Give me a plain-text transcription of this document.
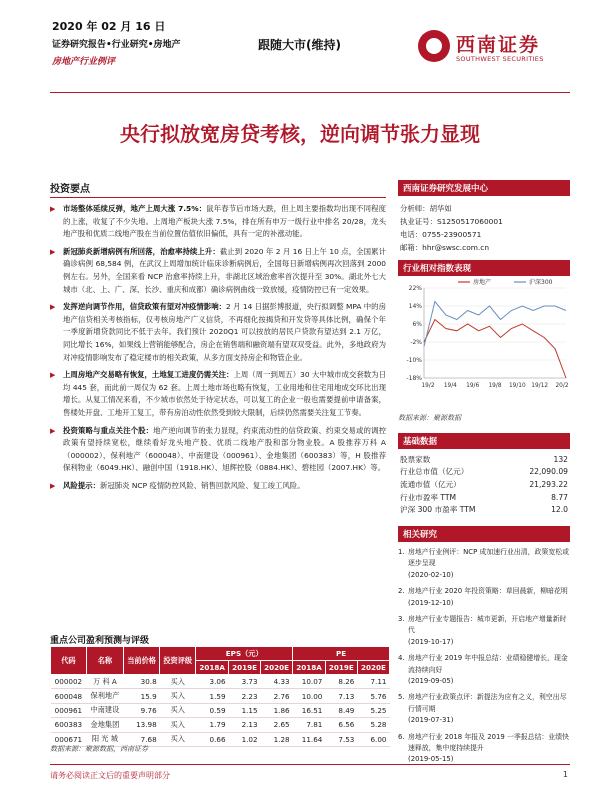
2020 年 02 月 16 日
证券研究报告•行业研究•房地产
房地产行业例评
跟随大市(维持)	西南证券
SOUTHWEST SECURITIES
央行拟放宽房贷考核，逆向调节张力显现
投资要点
▶ 市场整体延续反弹，地产上周大涨 7.5%：鼠年春节后市场大跌，但上周主要指数均出现不同程度的上涨，收复了不少失地。上周地产板块大涨 7.5%，排在所有申万一级行业中排名 20/28，龙头地产股和优质二线地产股在当前位置估值依旧偏低，具有一定的补涨动能。
▶ 新冠肺炎新增病例有所回落，治愈率持续上升：截止到 2020 年 2 月 16 日上午 10 点，全国累计确诊病例 68,584 例，在武汉上周增加统计临床诊断病例后，全国每日新增病例再次回落到 2000 例左右。另外，全国来看 NCP 治愈率持续上升，非湖北区域治愈率首次提升至 30%。湖北外七大城市（北、上、广、深、长沙、重庆和成都）确诊病例曲线一致放缓，疫情防控已有一定效果。
▶ 发挥逆向调节作用，信贷政策有望对冲疫情影响：2 月 14 日据彭博报道，央行拟调整 MPA 中的房地产信贷相关考核指标，仅考核房地产广义信贷，不再细化按揭贷和开发贷等具体比例，确保个年一季度新增贷款同比不低于去年。我们预计 2020Q1 可以按放的居民户贷款有望达到 2.1 万亿，同比增长 16%，如果线上营销能够配合，房企在销售端和融资端有望双双受益。此外，多地政府为对冲疫情影响发布了稳定楼市的相关政策，从多方面支持房企和物管企业。
▶ 上周房地产交易略有恢复，土地复工进度仍需关注：上周（周一到周五）30 大中城市成交套数为日均 445 套，而此前一周仅为 62 套。上周土地市场也略有恢复，工业用地和住宅用地成交环比出现增长。从复工情况来看，不少城市依然处于待定状态，可以复工的企业一般也需要提前申请备案，售楼处开盘、工地开工复工，带有房泊动性依然受到较大限制，后续仍然需要关注复工节奏。
▶ 投资策略与重点关注个股：地产逆向调节的张力显现，约束流动性的信贷政策、约束交易或的调控政策有望持续宽松，继续看好龙头地产股、优质二线地产股和部分物业股。A 股推荐万科 A（000002）、保利地产（600048）、中南建设（000961）、金地集团（600383）等，H 股推荐保利物业（6049.HK）、融创中国（1918.HK）、旭辉控股（0884.HK）、碧桂园（2007.HK）等。
▶ 风险提示：新冠肺炎 NCP 疫情防控风险、销售回款风险、复工竣工风险。
重点公司盈利预测与评级
代码	名称	当前价格	投资评级	EPS（元）			PE		
				2018A	2019E	2020E	2018A	2019E	2020E
000002	万 科 A	30.8	买入	3.06	3.73	4.33	10.07	8.26	7.11
600048	保利地产	15.9	买入	1.59	2.23	2.76	10.00	7.13	5.76
000961	中南建设	9.76	买入	0.59	1.15	1.86	16.51	8.49	5.25
600383	金地集团	13.98	买入	1.79	2.13	2.65	7.81	6.56	5.28
000671	阳 光 城	7.68	买入	0.66	1.02	1.28	11.64	7.53	6.00
数据来源：聚源数据，西南证券
西南证券研究发展中心
分析师：胡华如
执业证号：S1250517060001
电话：0755-23900571
邮箱：hhr@swsc.com.cn
行业相对指数表现
22%
14%
6%
-2%
-10%
-18%
19/2 19/4 19/6 19/8 19/10 19/12 20/2
房地产	沪深300
数据来源：聚源数据
基础数据
股票家数	132
行业总市值（亿元）	22,090.09
流通市值（亿元）	21,293.22
行业市盈率 TTM	8.77
沪深 300 市盈率 TTM	12.0
相关研究
1. 房地产行业例评：NCP 成加速行业出清，政策宽松或逐步呈现
(2020-02-10)
2. 房地产行业 2020 年投资策略：草回晨新，柳暗花明
(2019-12-10)
3. 房地产行业专题报告：城市更新，开启地产增量新时代
(2019-10-17)
4. 房地产行业 2019 年中报总结：业绩稳健增长，现金流持续向好
(2019-09-05)
5. 房地产行业政策点评：新提法为应有之义，利空出尽行情可期
(2019-07-31)
6. 房地产行业 2018 年报及 2019 一季报总结：业绩快速释放，集中度持续提升
(2019-05-15)
请务必阅读正文后的重要声明部分	1
